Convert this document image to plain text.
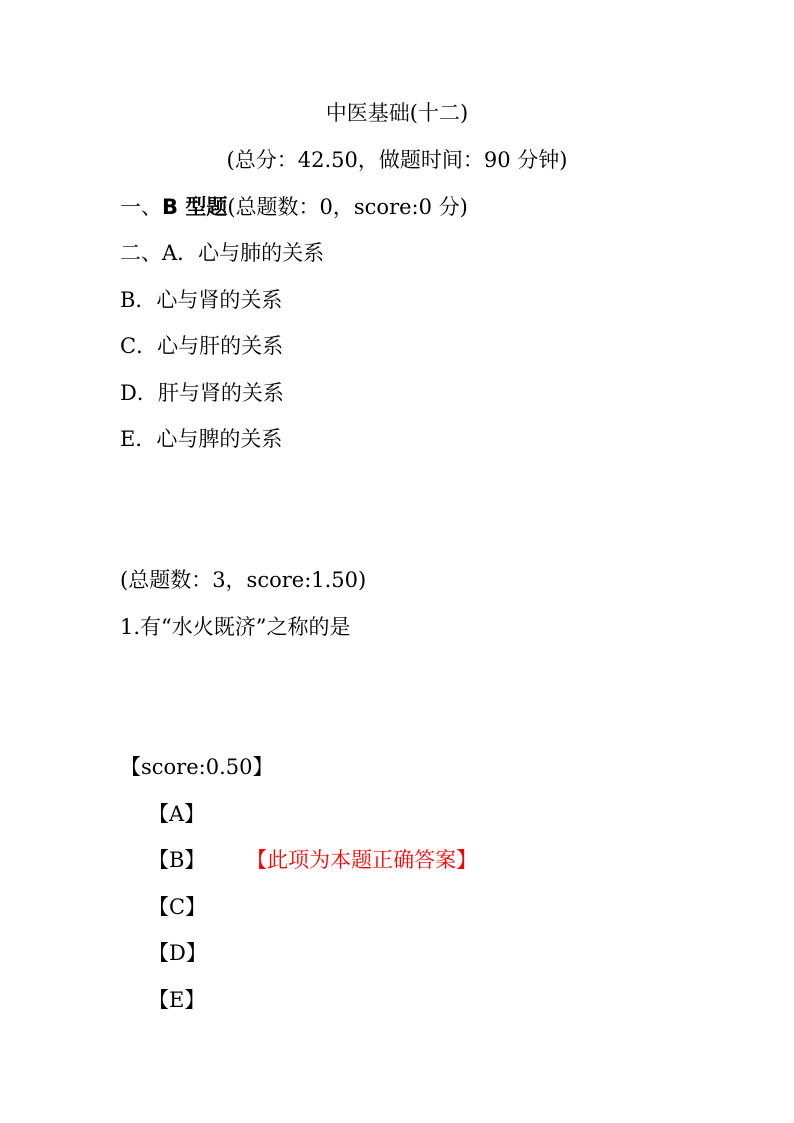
中医基础(十二)
(总分：42.50，做题时间：90 分钟)
一、B 型题(总题数：0，score:0 分)
二、A．心与肺的关系
B．心与肾的关系
C．心与肝的关系
D．肝与肾的关系
E．心与脾的关系
(总题数：3，score:1.50)
1.有“水火既济”之称的是
【score:0.50】
【A】
【B】 【此项为本题正确答案】
【C】
【D】
【E】
